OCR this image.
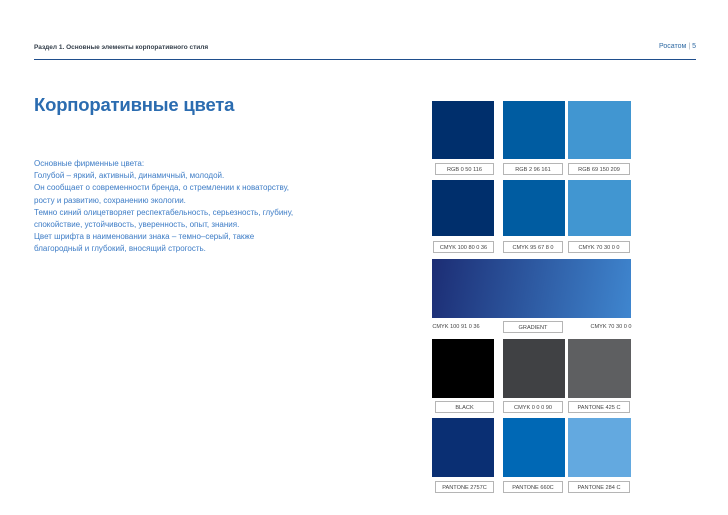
Раздел 1. Основные элементы корпоративного стиля	Росатом | 5
Корпоративные цвета

Основные фирменные цвета:

Голубой – яркий, активный, динамичный, молодой.

Он сообщает о современности бренда, о стремлении к новаторству,

росту и развитию, сохранению экологии.

Темно синий олицетворяет респектабельность, серьезность, глубину,

спокойствие, устойчивость, уверенность, опыт, знания.

Цвет шрифта в наименовании знака – темно–серый, также

благородный и глубокий, вносящий строгость.

RGB 0 50 116	RGB 2 96 161	RGB 69 150 209
CMYK 100 80 0 36	CMYK 95 67 8 0	CMYK 70 30 0 0
CMYK 100 91 0 36	GRADIENT	CMYK 70 30 0 0
BLACK	CMYK 0 0 0 90	PANTONE 425 C
PANTONE 2757C	PANTONE 660C	PANTONE 284 C
